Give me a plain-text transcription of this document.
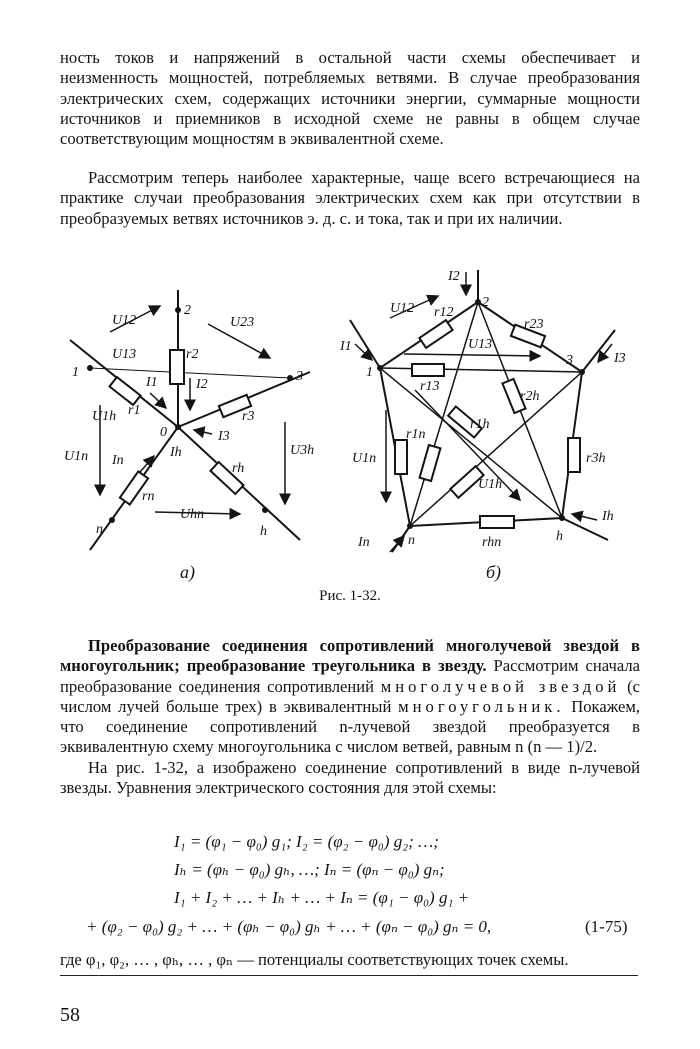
ность токов и напряжений в остальной части схемы обеспечивает и неизменность мощностей, потребляемых ветвями. В случае преобразования электрических схем, содержащих источники энергии, суммарные мощности источников и приемников в исходной схеме не равны в общем случае соответствующим мощностям в эквивалентной схеме.

Рассмотрим теперь наиболее характерные, чаще всего встречающиеся на практике случаи преобразования электрических схем как при отсутствии в преобразуемых ветвях источников э. д. с. и тока, так и при их наличии.

1
2
3
0
h
n
U12	U23
U13
U1h
U1n	U3h
Uhn
r2
r1	r3
rh
rn
I1	I2
I3
Ih
In
а)
1
2
3
h
n
U12
U13
U1h
U1n
r12
r13
r23
r2h
r1h
r1n
r3h
rhn
I2
I1
I3
Ih
In
б)
Рис. 1-32.

Преобразование соединения сопротивлений многолучевой звездой в многоугольник; преобразование треугольника в звезду. Рассмотрим сначала преобразование соединения сопротивлений многолучевой звездой (с числом лучей больше трех) в эквивалентный многоугольник. Покажем, что соединение сопротивлений n-лучевой звездой преобразуется в эквивалентную схему многоугольника с числом ветвей, равным n (n — 1)/2.

На рис. 1-32, a изображено соединение сопротивлений в виде n-лучевой звезды. Уравнения электрического состояния для этой схемы:

I₁ = (φ₁ − φ₀) g₁; I₂ = (φ₂ − φ₀) g₂; …;
Iₕ = (φₕ − φ₀) gₕ, …; Iₙ = (φₙ − φ₀) gₙ;
I₁ + I₂ + … + Iₕ + … + Iₙ = (φ₁ − φ₀) g₁ +
+ (φ₂ − φ₀) g₂ + … + (φₕ − φ₀) gₕ + … + (φₙ − φ₀) gₙ = 0,	(1-75)
где φ₁, φ₂, … , φₕ, … , φₙ — потенциалы соответствующих точек схемы.
58
